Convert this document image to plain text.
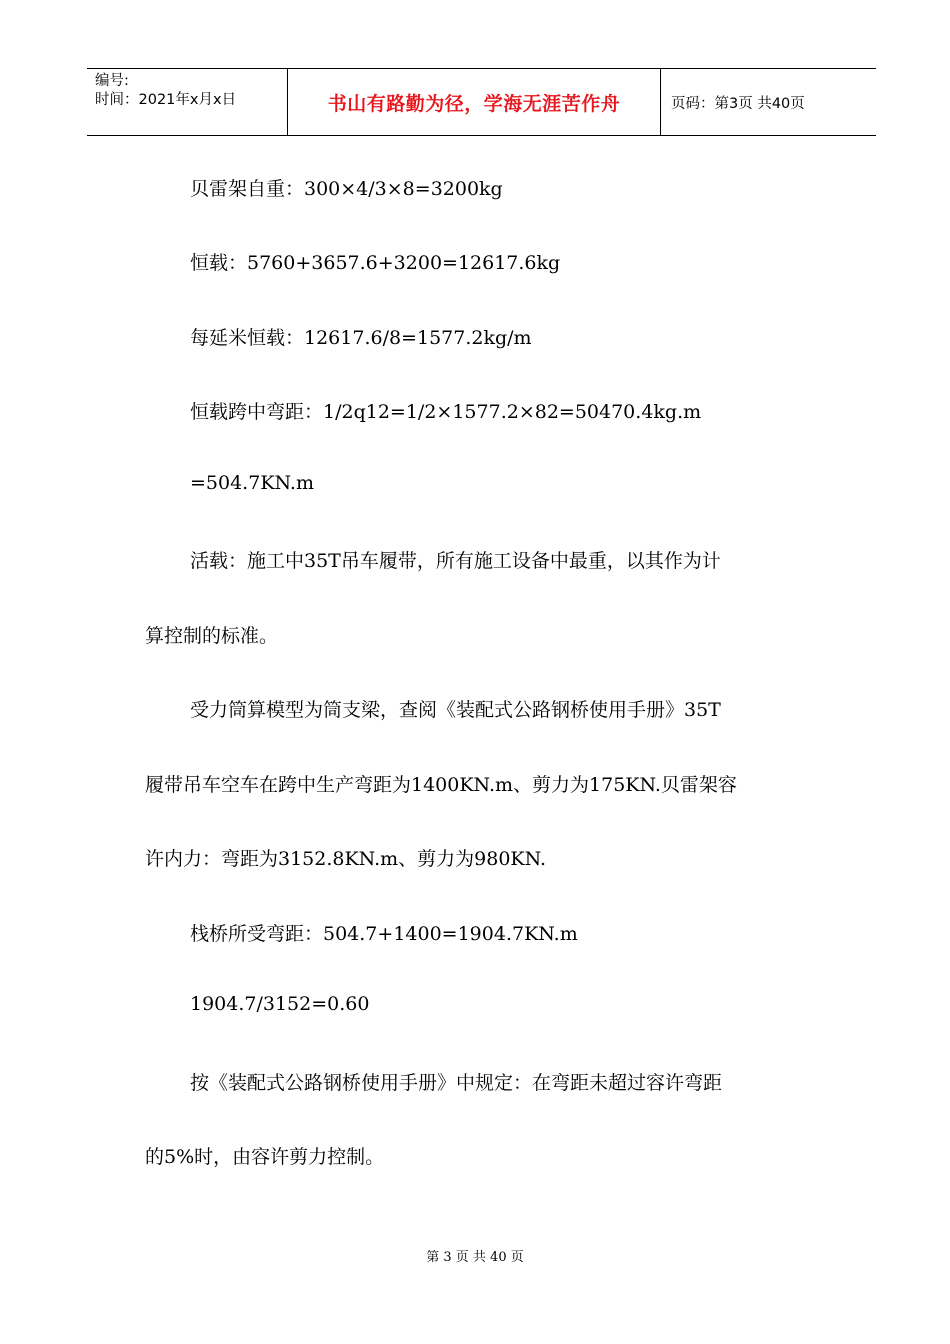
编号:
时间：2021年x月x日	书山有路勤为径，学海无涯苦作舟	页码：第3页 共40页
贝雷架自重：300×4/3×8=3200kg
恒载：5760+3657.6+3200=12617.6kg
每延米恒载：12617.6/8=1577.2kg/m
恒载跨中弯距：1/2q12=1/2×1577.2×82=50470.4kg.m
=504.7KN.m
活载：施工中35T吊车履带，所有施工设备中最重，以其作为计
算控制的标准。
受力筒算模型为筒支梁，查阅《装配式公路钢桥使用手册》35T
履带吊车空车在跨中生产弯距为1400KN.m、剪力为175KN.贝雷架容
许内力：弯距为3152.8KN.m、剪力为980KN.
栈桥所受弯距：504.7+1400=1904.7KN.m
1904.7/3152=0.60
按《装配式公路钢桥使用手册》中规定：在弯距未超过容许弯距
的5%时，由容许剪力控制。
第 3 页 共 40 页
